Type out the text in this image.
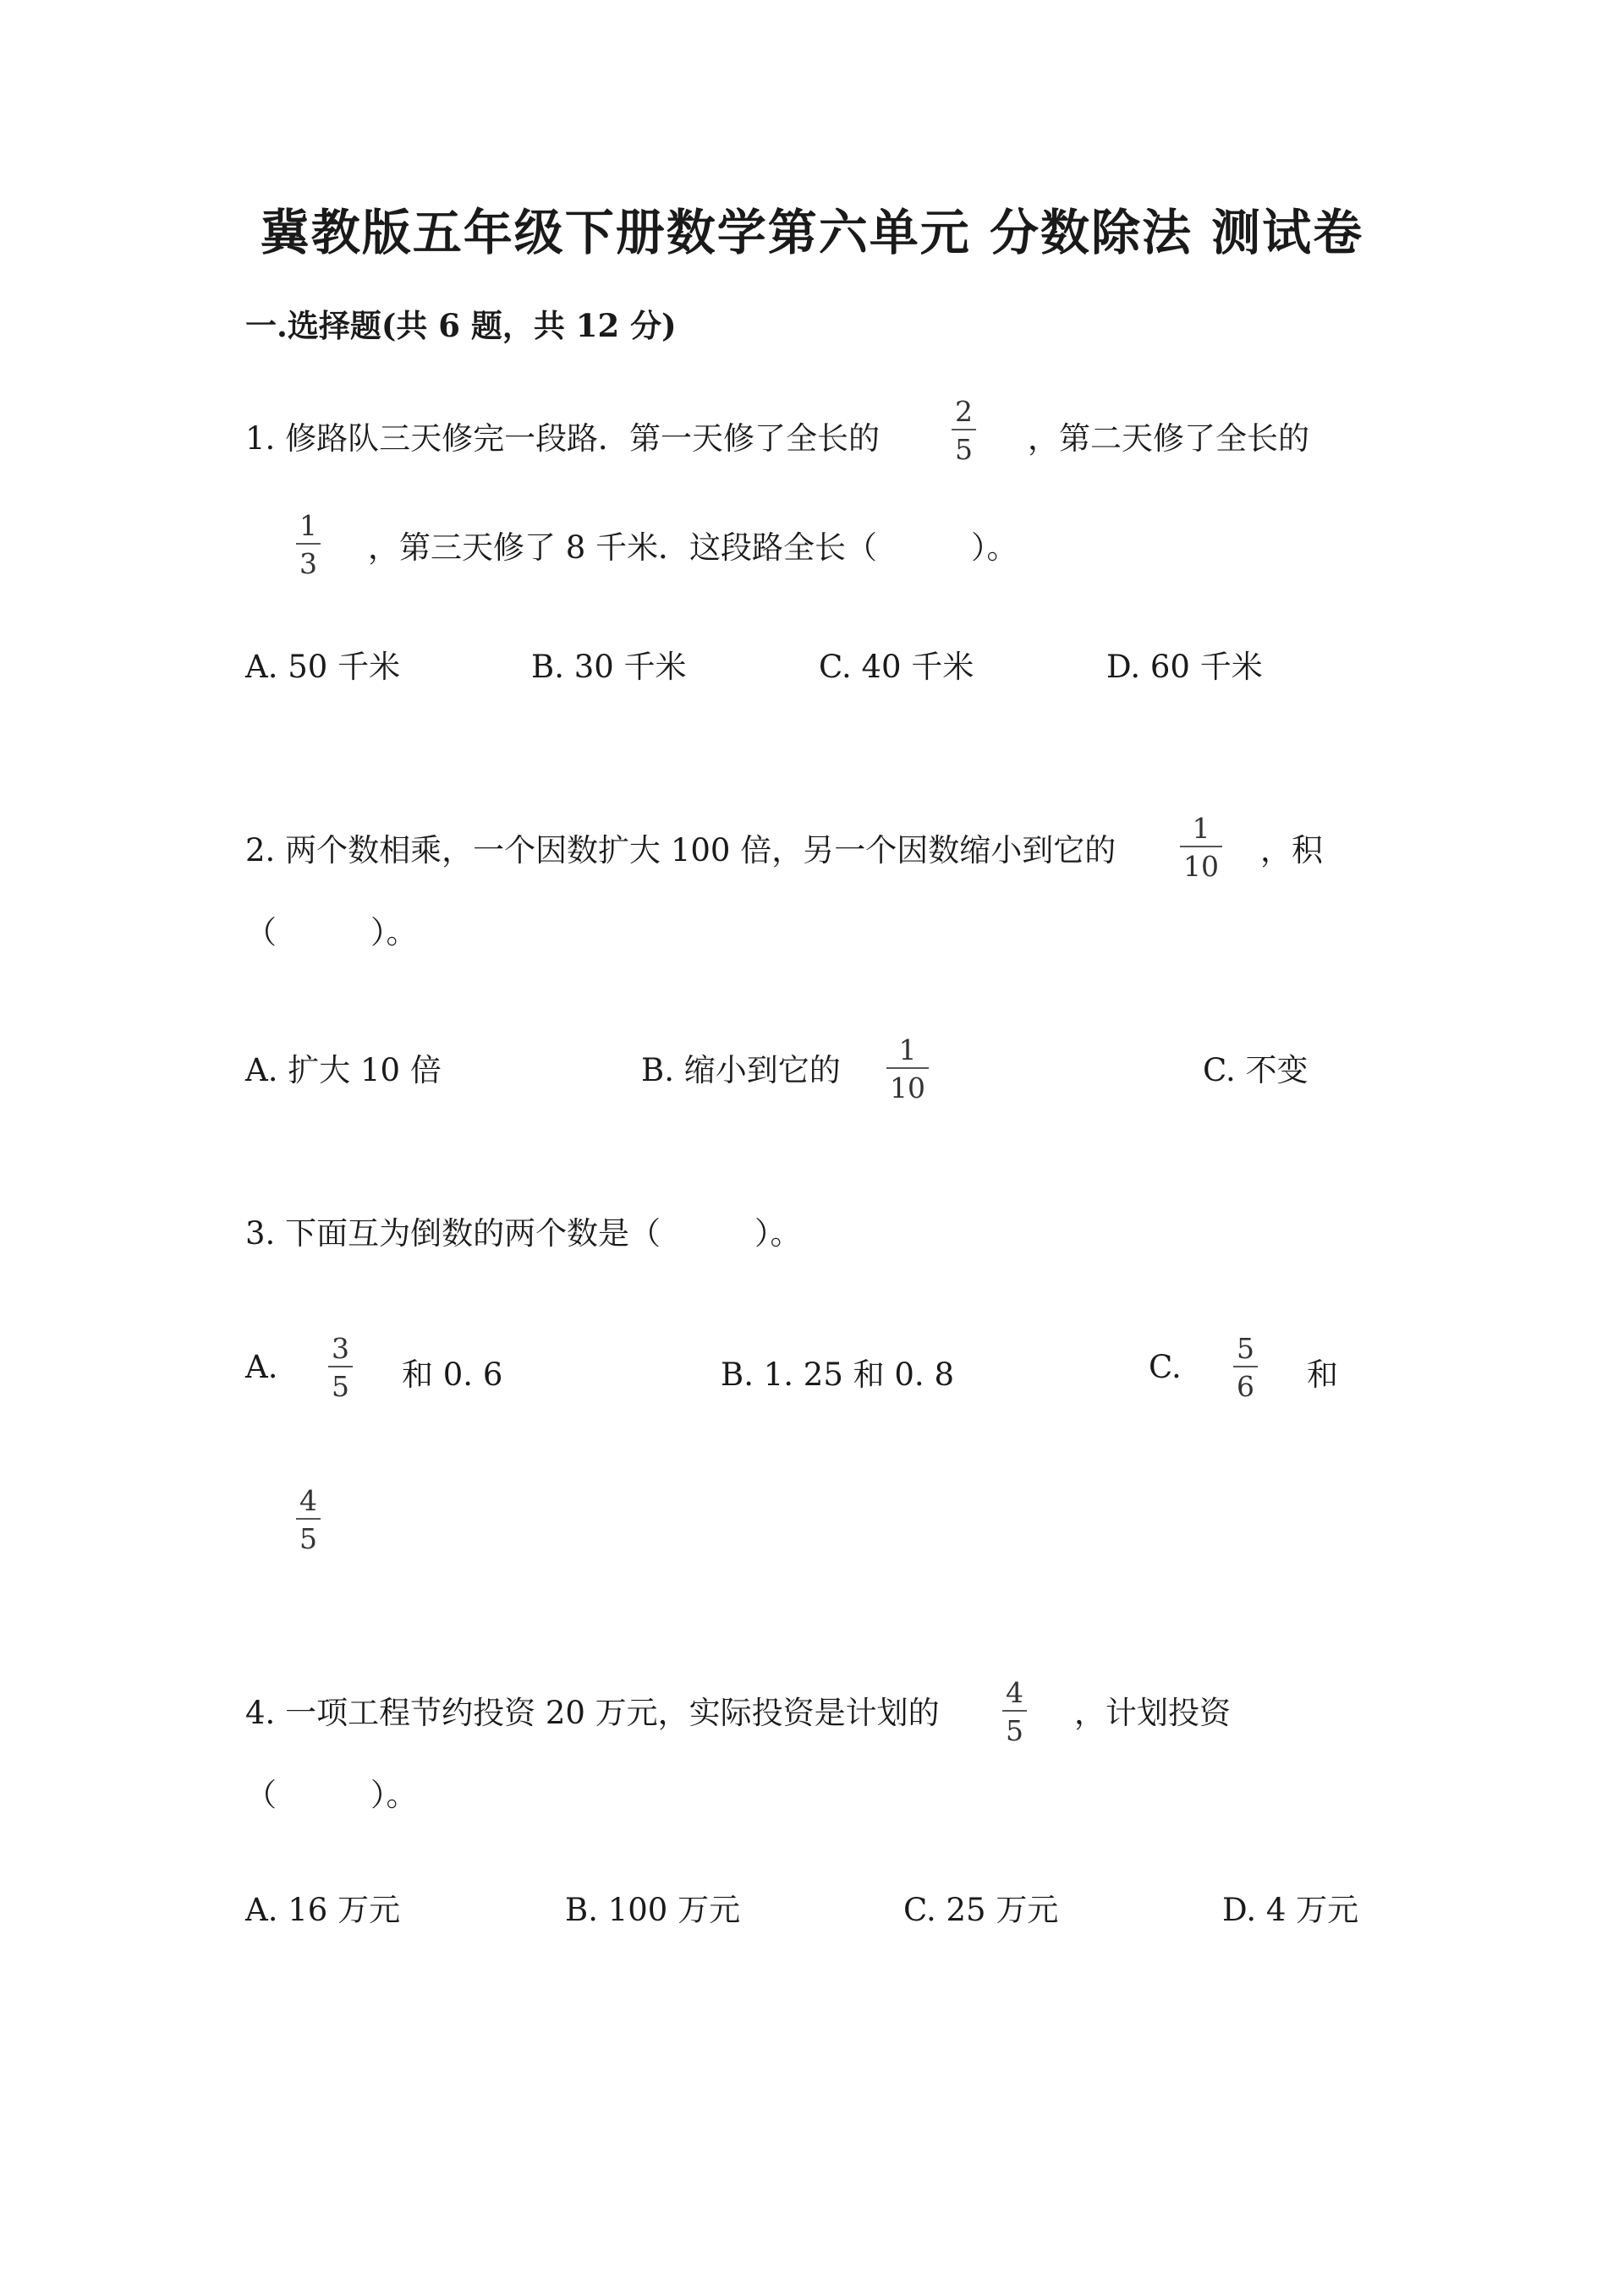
冀教版五年级下册数学第六单元 分数除法 测试卷
一.选择题(共 6 题，共 12 分)
1. 修路队三天修完一段路．第一天修了全长的
2
5 ，第二天修了全长的
1
3 ，第三天修了 8 千米．这段路全长（　　　）。
A. 50 千米	B. 30 千米	C. 40 千米	D. 60 千米
2. 两个数相乘，一个因数扩大 100 倍，另一个因数缩小到它的
1
10 ，积
（　　　）。
A. 扩大 10 倍	B. 缩小到它的
1
10	C. 不变
3. 下面互为倒数的两个数是（　　　）。
A.
3
5 和 0. 6	B. 1. 25 和 0. 8	C.
5
6 和
4
5
4. 一项工程节约投资 20 万元，实际投资是计划的
4
5 ，计划投资
（　　　）。
A. 16 万元	B. 100 万元	C. 25 万元	D. 4 万元
